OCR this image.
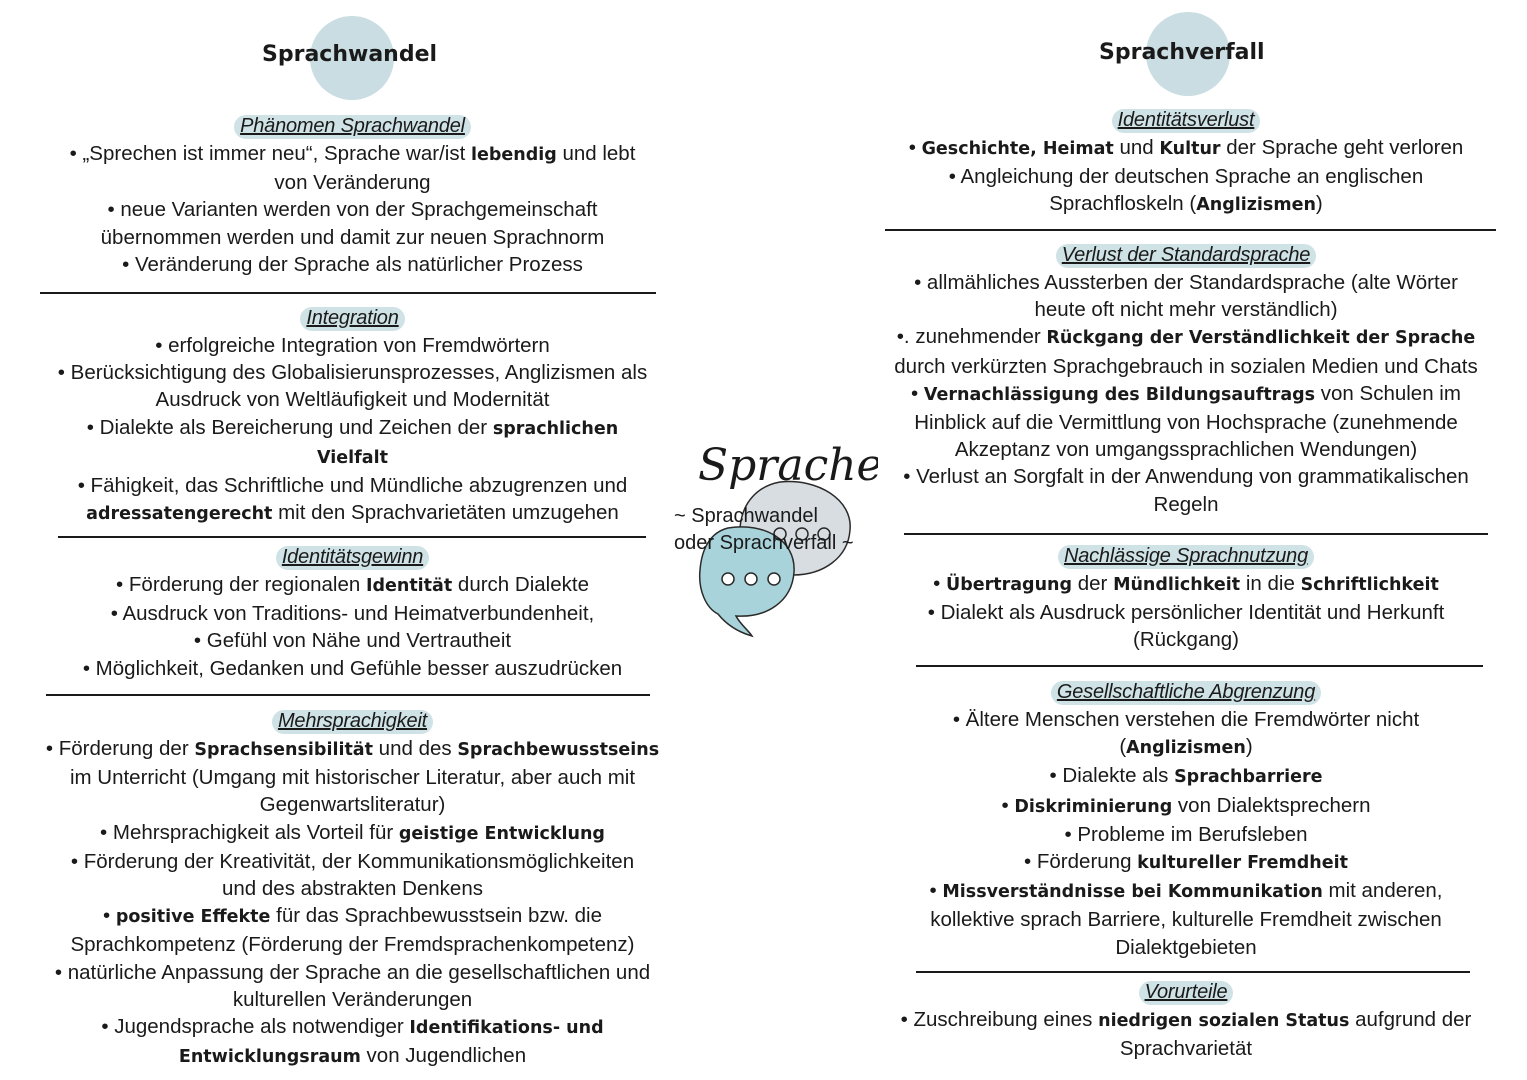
Sprachwandel
Phänomen Sprachwandel
• „Sprechen ist immer neu“, Sprache war/ist lebendig und lebt
von Veränderung
• neue Varianten werden von der Sprachgemeinschaft
übernommen werden und damit zur neuen Sprachnorm
• Veränderung der Sprache als natürlicher Prozess
Integration
• erfolgreiche Integration von Fremdwörtern
• Berücksichtigung des Globalisierunsprozesses, Anglizismen als
Ausdruck von Weltläufigkeit und Modernität
• Dialekte als Bereicherung und Zeichen der sprachlichen
Vielfalt
• Fähigkeit, das Schriftliche und Mündliche abzugrenzen und
adressatengerecht mit den Sprachvarietäten umzugehen
Identitätsgewinn
• Förderung der regionalen Identität durch Dialekte
• Ausdruck von Traditions- und Heimatverbundenheit,
• Gefühl von Nähe und Vertrautheit
• Möglichkeit, Gedanken und Gefühle besser auszudrücken
Mehrsprachigkeit
• Förderung der Sprachsensibilität und des Sprachbewusstseins
im Unterricht (Umgang mit historischer Literatur, aber auch mit
Gegenwartsliteratur)
• Mehrsprachigkeit als Vorteil für geistige Entwicklung
• Förderung der Kreativität, der Kommunikationsmöglichkeiten
und des abstrakten Denkens
• positive Effekte für das Sprachbewusstsein bzw. die
Sprachkompetenz (Förderung der Fremdsprachenkompetenz)
• natürliche Anpassung der Sprache an die gesellschaftlichen und
kulturellen Veränderungen
• Jugendsprache als notwendiger Identifikations- und
Entwicklungsraum von Jugendlichen
Sprache
~ Sprachwandel
oder Sprachverfall ~
Sprachverfall
Identitätsverlust
• Geschichte, Heimat und Kultur der Sprache geht verloren
• Angleichung der deutschen Sprache an englischen
Sprachfloskeln (Anglizismen)
Verlust der Standardsprache
• allmähliches Aussterben der Standardsprache (alte Wörter
heute oft nicht mehr verständlich)
•. zunehmender Rückgang der Verständlichkeit der Sprache
durch verkürzten Sprachgebrauch in sozialen Medien und Chats
• Vernachlässigung des Bildungsauftrags von Schulen im
Hinblick auf die Vermittlung von Hochsprache (zunehmende
Akzeptanz von umgangssprachlichen Wendungen)
• Verlust an Sorgfalt in der Anwendung von grammatikalischen
Regeln
Nachlässige Sprachnutzung
• Übertragung der Mündlichkeit in die Schriftlichkeit
• Dialekt als Ausdruck persönlicher Identität und Herkunft
(Rückgang)
Gesellschaftliche Abgrenzung
• Ältere Menschen verstehen die Fremdwörter nicht
(Anglizismen)
• Dialekte als Sprachbarriere
• Diskriminierung von Dialektsprechern
• Probleme im Berufsleben
• Förderung kultureller Fremdheit
• Missverständnisse bei Kommunikation mit anderen,
kollektive sprach Barriere, kulturelle Fremdheit zwischen
Dialektgebieten
Vorurteile
• Zuschreibung eines niedrigen sozialen Status aufgrund der
Sprachvarietät
